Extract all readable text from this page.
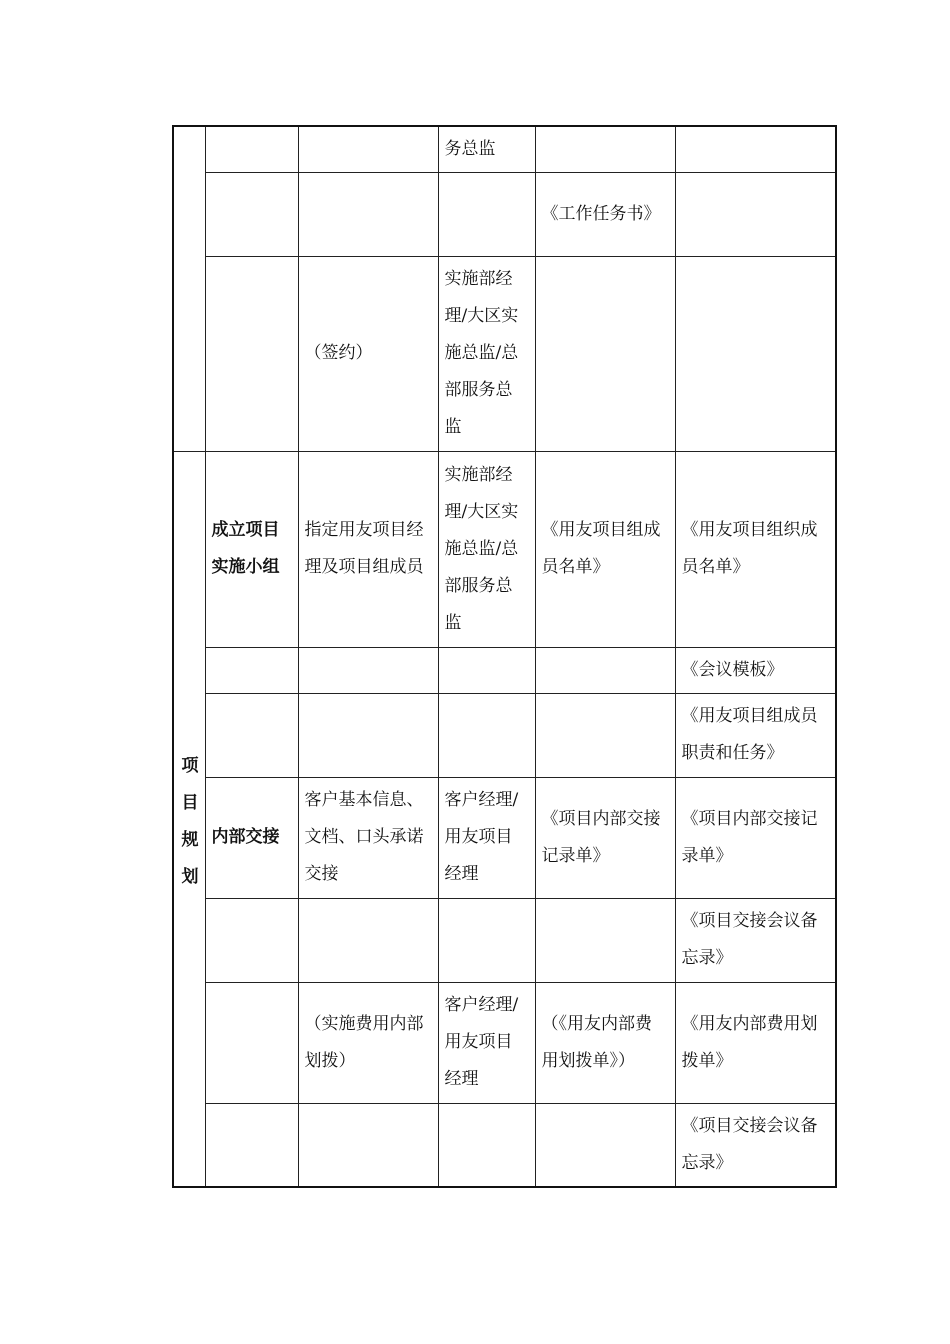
			务总监		
				《工作任务书》	
		（签约）	实施部经理/大区实施总监/总部服务总监		

项目规划	成立项目实施小组	指定用友项目经理及项目组成员	实施部经理/大区实施总监/总部服务总监	《用友项目组成员名单》	《用友项目组织成员名单》
					《会议模板》
					《用友项目组成员职责和任务》
	内部交接	客户基本信息、文档、口头承诺交接	客户经理/用友项目经理	《项目内部交接记录单》	《项目内部交接记录单》
					《项目交接会议备忘录》
		（实施费用内部划拨）	客户经理/用友项目经理	（《用友内部费用划拨单》）	《用友内部费用划拨单》
					《项目交接会议备忘录》
